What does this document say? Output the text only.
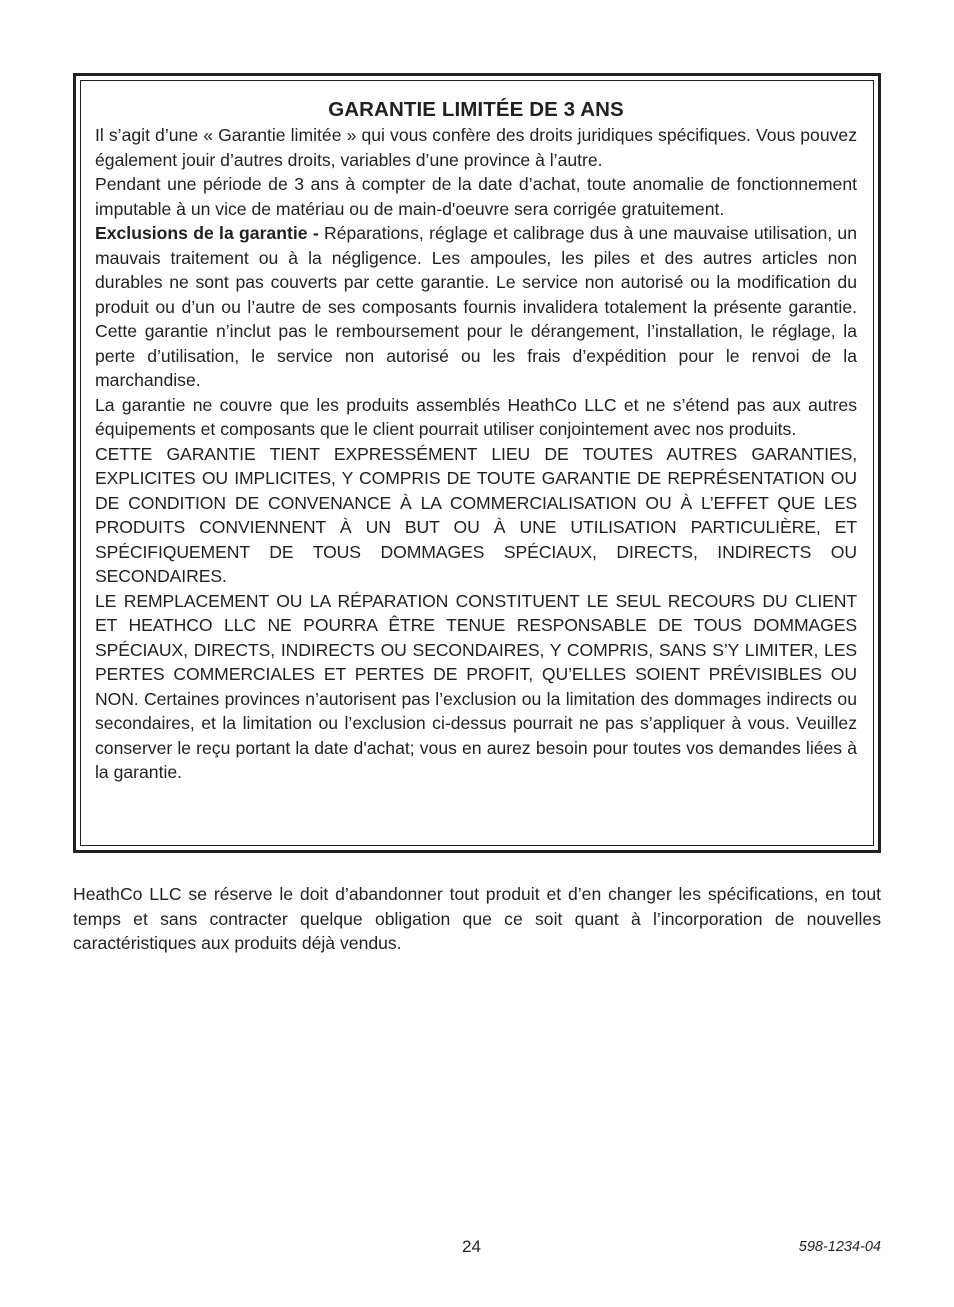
GARANTIE LIMITÉE DE 3 ANS

Il s’agit d’une « Garantie limitée » qui vous confère des droits juridiques spécifiques. Vous pouvez également jouir d’autres droits, variables d’une province à l’autre.

Pendant une période de 3 ans à compter de la date d’achat, toute anomalie de fonctionnement imputable à un vice de matériau ou de main-d'oeuvre sera corrigée gratuitement.

Exclusions de la garantie - Réparations, réglage et calibrage dus à une mauvaise utilisation, un mauvais traitement ou à la négligence. Les ampoules, les piles et des autres articles non durables ne sont pas couverts par cette garantie. Le service non autorisé ou la modification du produit ou d’un ou l’autre de ses composants fournis invalidera totalement la présente garantie. Cette garantie n’inclut pas le remboursement pour le dérangement, l’installation, le réglage, la perte d’utilisation, le service non autorisé ou les frais d’expédition pour le renvoi de la marchandise.

La garantie ne couvre que les produits assemblés HeathCo LLC et ne s’étend pas aux autres équipements et composants que le client pourrait utiliser conjointement avec nos produits.

CETTE GARANTIE TIENT EXPRESSÉMENT LIEU DE TOUTES AUTRES GARANTIES, EXPLICITES OU IMPLICITES, Y COMPRIS DE TOUTE GARANTIE DE REPRÉSENTATION OU DE CONDITION DE CONVENANCE À LA COMMERCIALISATION OU À L’EFFET QUE LES PRODUITS CONVIENNENT À UN BUT OU À UNE UTILISATION PARTICULIÈRE, ET SPÉCIFIQUEMENT DE TOUS DOMMAGES SPÉCIAUX, DIRECTS, INDIRECTS OU SECONDAIRES.

LE REMPLACEMENT OU LA RÉPARATION CONSTITUENT LE SEUL RECOURS DU CLIENT ET HEATHCO LLC NE POURRA ÊTRE TENUE RESPONSABLE DE TOUS DOMMAGES SPÉCIAUX, DIRECTS, INDIRECTS OU SECONDAIRES, Y COMPRIS, SANS S’Y LIMITER, LES PERTES COMMERCIALES ET PERTES DE PROFIT, QU’ELLES SOIENT PRÉVISIBLES OU NON. Certaines provinces n’autorisent pas l’exclusion ou la limitation des dommages indirects ou secondaires, et la limitation ou l’exclusion ci-dessus pourrait ne pas s’appliquer à vous. Veuillez conserver le reçu portant la date d'achat; vous en aurez besoin pour toutes vos demandes liées à la garantie.

HeathCo LLC se réserve le doit d’abandonner tout produit et d’en changer les spécifications, en tout temps et sans contracter quelque obligation que ce soit quant à l’incorporation de nouvelles caractéristiques aux produits déjà vendus.

24	598-1234-04
